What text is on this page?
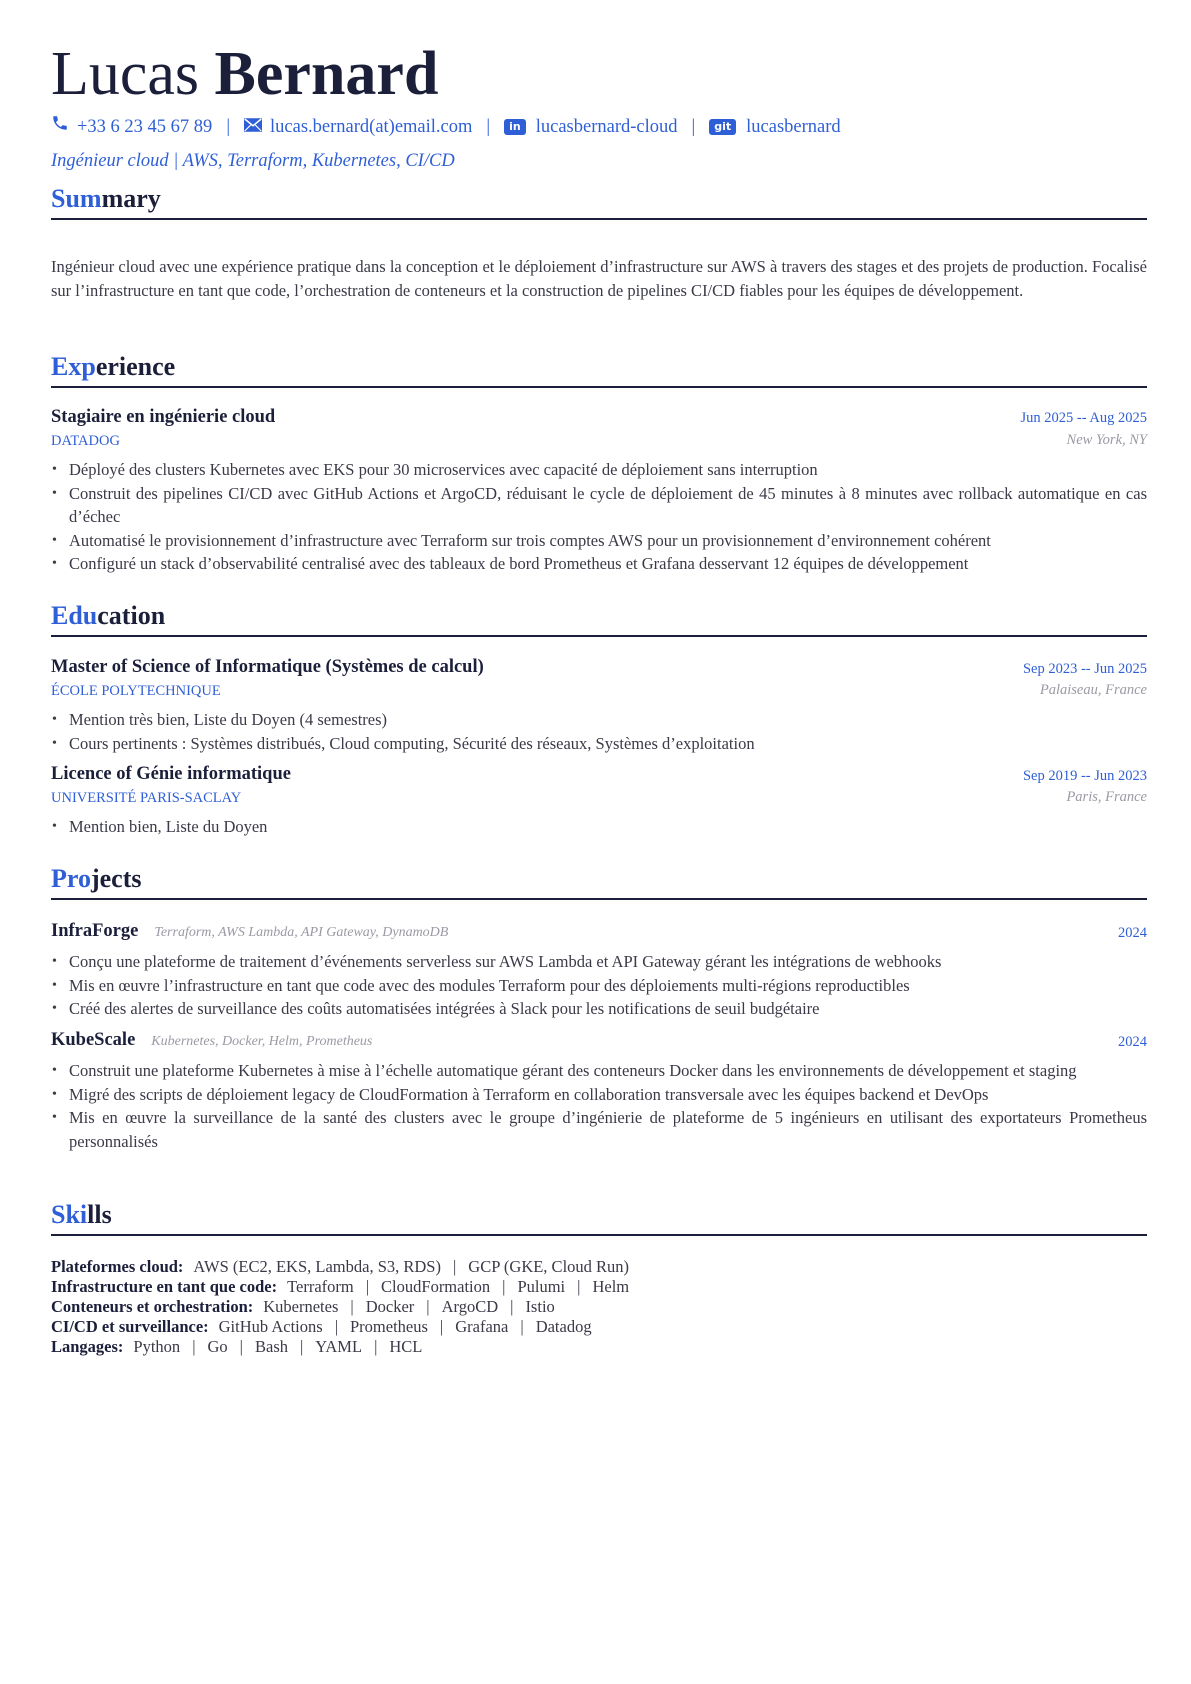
Lucas Bernard
+33 6 23 45 67 89 | lucas.bernard(at)email.com |	in lucasbernard-cloud |	git lucasbernard
Ingénieur cloud | AWS, Terraform, Kubernetes, CI/CD
Summary
Ingénieur cloud avec une expérience pratique dans la conception et le déploiement d’infrastructure sur AWS à travers des stages et des projets de production. Focalisé sur l’infrastructure en tant que code, l’orchestration de conteneurs et la construction de pipelines CI/CD fiables pour les équipes de développement.
Experience
Stagiaire en ingénierie cloud	Jun 2025 -- Aug 2025
DATADOG	New York, NY
• Déployé des clusters Kubernetes avec EKS pour 30 microservices avec capacité de déploiement sans interruption
• Construit des pipelines CI/CD avec GitHub Actions et ArgoCD, réduisant le cycle de déploiement de 45 minutes à 8 minutes avec rollback automatique en cas d’échec
• Automatisé le provisionnement d’infrastructure avec Terraform sur trois comptes AWS pour un provisionnement d’environnement cohérent
• Configuré un stack d’observabilité centralisé avec des tableaux de bord Prometheus et Grafana desservant 12 équipes de développement
Education
Master of Science of Informatique (Systèmes de calcul)	Sep 2023 -- Jun 2025
ÉCOLE POLYTECHNIQUE	Palaiseau, France
• Mention très bien, Liste du Doyen (4 semestres)
• Cours pertinents : Systèmes distribués, Cloud computing, Sécurité des réseaux, Systèmes d’exploitation
Licence of Génie informatique	Sep 2019 -- Jun 2023
UNIVERSITÉ PARIS-SACLAY	Paris, France
• Mention bien, Liste du Doyen
Projects
InfraForge Terraform, AWS Lambda, API Gateway, DynamoDB	2024
• Conçu une plateforme de traitement d’événements serverless sur AWS Lambda et API Gateway gérant les intégrations de webhooks
• Mis en œuvre l’infrastructure en tant que code avec des modules Terraform pour des déploiements multi-régions reproductibles
• Créé des alertes de surveillance des coûts automatisées intégrées à Slack pour les notifications de seuil budgétaire
KubeScale Kubernetes, Docker, Helm, Prometheus	2024
• Construit une plateforme Kubernetes à mise à l’échelle automatique gérant des conteneurs Docker dans les environnements de développement et staging
• Migré des scripts de déploiement legacy de CloudFormation à Terraform en collaboration transversale avec les équipes backend et DevOps
• Mis en œuvre la surveillance de la santé des clusters avec le groupe d’ingénierie de plateforme de 5 ingénieurs en utilisant des exportateurs Prometheus personnalisés
Skills
Plateformes cloud: AWS (EC2, EKS, Lambda, S3, RDS) | GCP (GKE, Cloud Run)
Infrastructure en tant que code: Terraform | CloudFormation | Pulumi | Helm
Conteneurs et orchestration: Kubernetes | Docker | ArgoCD | Istio
CI/CD et surveillance: GitHub Actions | Prometheus | Grafana | Datadog
Langages: Python | Go | Bash | YAML | HCL
